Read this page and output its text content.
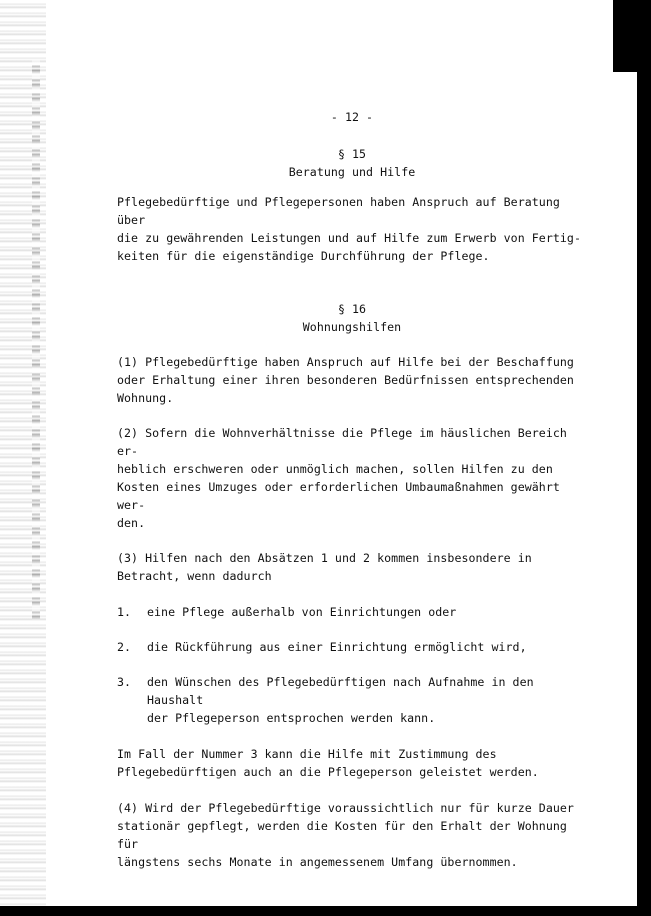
- 12 -

§ 15

Beratung und Hilfe

Pflegebedürftige und Pflegepersonen haben Anspruch auf Beratung über

die zu gewährenden Leistungen und auf Hilfe zum Erwerb von Fertig-

keiten für die eigenständige Durchführung der Pflege.

§ 16

Wohnungshilfen

(1) Pflegebedürftige haben Anspruch auf Hilfe bei der Beschaffung

oder Erhaltung einer ihren besonderen Bedürfnissen entsprechenden

Wohnung.

(2) Sofern die Wohnverhältnisse die Pflege im häuslichen Bereich er-

heblich erschweren oder unmöglich machen, sollen Hilfen zu den

Kosten eines Umzuges oder erforderlichen Umbaumaßnahmen gewährt wer-

den.

(3) Hilfen nach den Absätzen 1 und 2 kommen insbesondere in

Betracht, wenn dadurch

1.	eine Pflege außerhalb von Einrichtungen oder
2.	die Rückführung aus einer Einrichtung ermöglicht wird,
3.	den Wünschen des Pflegebedürftigen nach Aufnahme in den Haushalt
der Pflegeperson entsprochen werden kann.

Im Fall der Nummer 3 kann die Hilfe mit Zustimmung des

Pflegebedürftigen auch an die Pflegeperson geleistet werden.

(4) Wird der Pflegebedürftige voraussichtlich nur für kurze Dauer

stationär gepflegt, werden die Kosten für den Erhalt der Wohnung für

längstens sechs Monate in angemessenem Umfang übernommen.
